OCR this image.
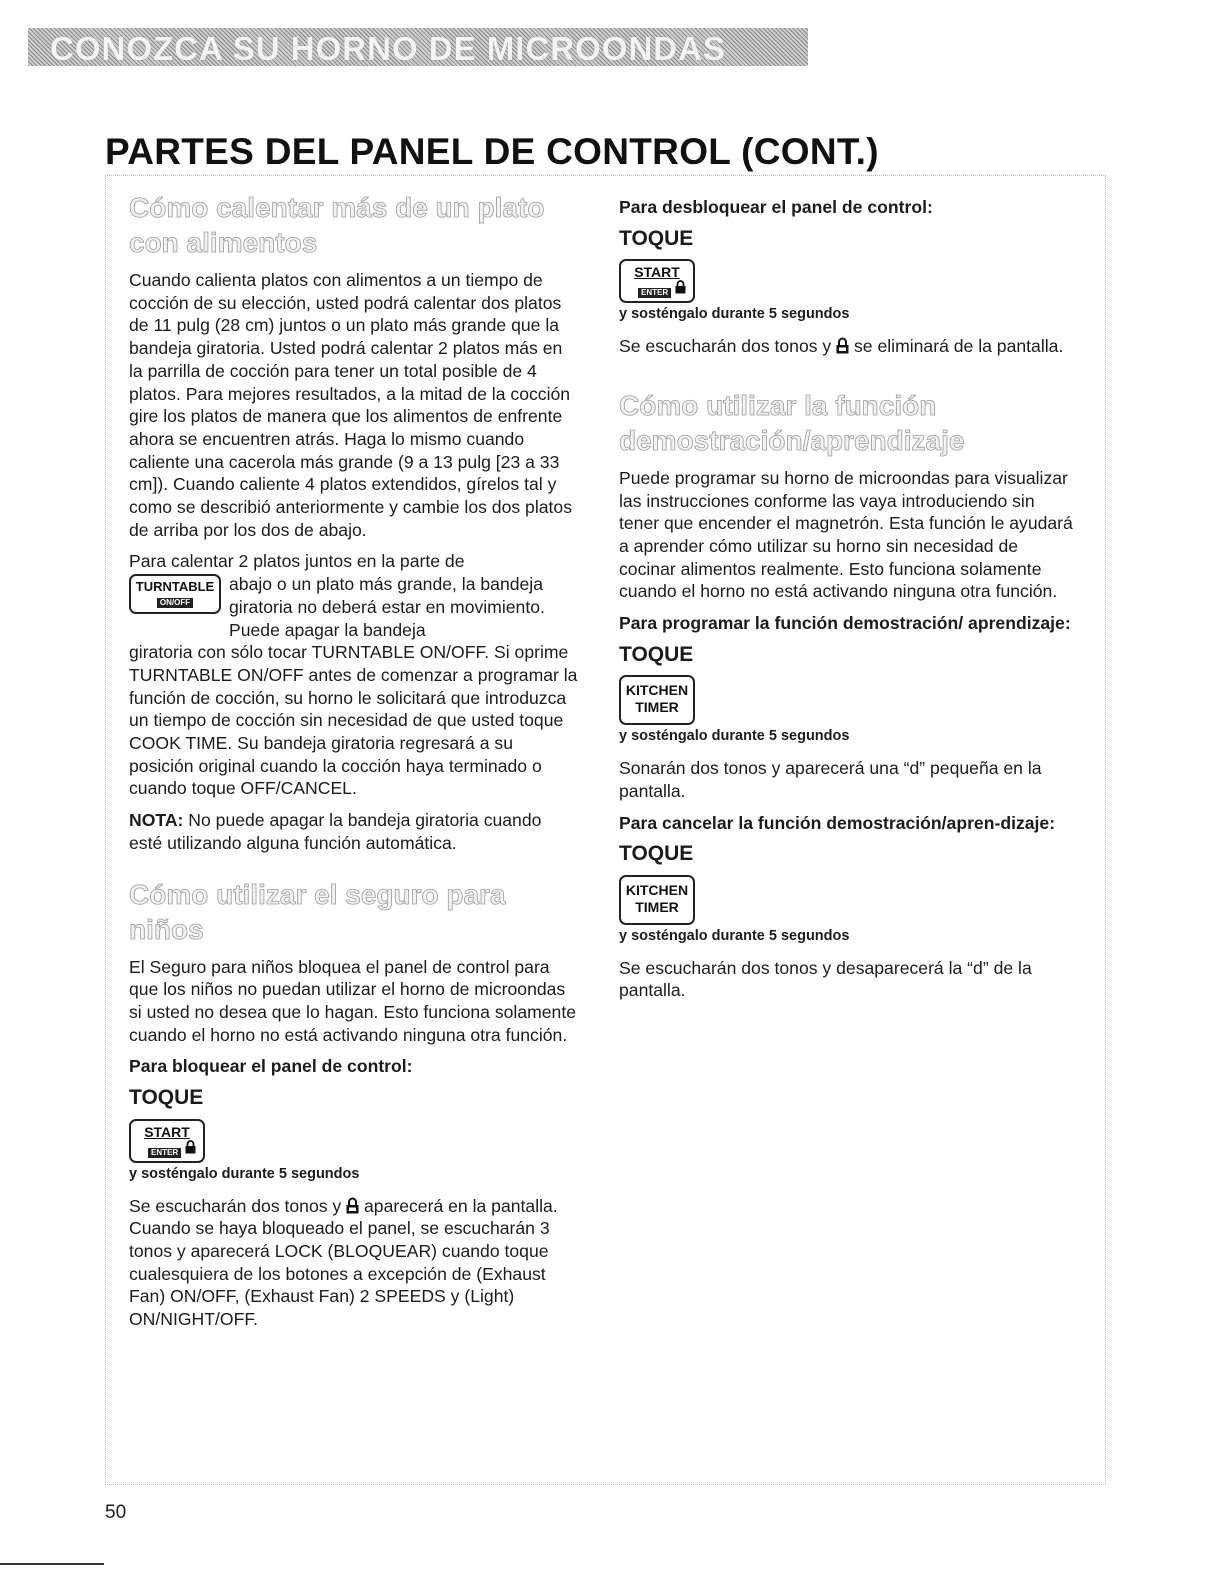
CONOZCA SU HORNO DE MICROONDAS
PARTES DEL PANEL DE CONTROL (CONT.)

Cómo calentar más de un plato con alimentos

Cuando calienta platos con alimentos a un tiempo de cocción de su elección, usted podrá calentar dos platos de 11 pulg (28 cm) juntos o un plato más grande que la bandeja giratoria. Usted podrá calentar 2 platos más en la parrilla de cocción para tener un total posible de 4 platos. Para mejores resultados, a la mitad de la cocción gire los platos de manera que los alimentos de enfrente ahora se encuentren atrás. Haga lo mismo cuando caliente una cacerola más grande (9 a 13 pulg [23 a 33 cm]). Cuando caliente 4 platos extendidos, gírelos tal y como se describió anteriormente y cambie los dos platos de arriba por los dos de abajo.

Para calentar 2 platos juntos en la parte de

TURNTABLE
ON/OFF

abajo o un plato más grande, la bandeja giratoria no deberá estar en movimiento. Puede apagar la bandeja

giratoria con sólo tocar TURNTABLE ON/OFF. Si oprime TURNTABLE ON/OFF antes de comenzar a programar la función de cocción, su horno le solicitará que introduzca un tiempo de cocción sin necesidad de que usted toque COOK TIME. Su bandeja giratoria regresará a su posición original cuando la cocción haya terminado o cuando toque OFF/CANCEL.

NOTA: No puede apagar la bandeja giratoria cuando esté utilizando alguna función automática.

Cómo utilizar el seguro para niños

El Seguro para niños bloquea el panel de control para que los niños no puedan utilizar el horno de microondas si usted no desea que lo hagan. Esto funciona solamente cuando el horno no está activando ninguna otra función.

Para bloquear el panel de control:

TOQUE

START
ENTER

y sosténgalo durante 5 segundos

Se escucharán dos tonos y
aparecerá en la pantalla. Cuando se haya bloqueado el panel, se escucharán 3 tonos y aparecerá LOCK (BLOQUEAR) cuando toque cualesquiera de los botones a excepción de (Exhaust Fan) ON/OFF, (Exhaust Fan) 2 SPEEDS y (Light) ON/NIGHT/OFF.

Para desbloquear el panel de control:

TOQUE

START
ENTER

y sosténgalo durante 5 segundos

Se escucharán dos tonos y
se eliminará de la pantalla.

Cómo utilizar la función demostración/aprendizaje

Puede programar su horno de microondas para visualizar las instrucciones conforme las vaya introduciendo sin tener que encender el magnetrón. Esta función le ayudará a aprender cómo utilizar su horno sin necesidad de cocinar alimentos realmente. Esto funciona solamente cuando el horno no está activando ninguna otra función.

Para programar la función demostración/ aprendizaje:

TOQUE

KITCHEN
TIMER

y sosténgalo durante 5 segundos

Sonarán dos tonos y aparecerá una “d” pequeña en la pantalla.

Para cancelar la función demostración/apren-dizaje:

TOQUE

KITCHEN
TIMER

y sosténgalo durante 5 segundos

Se escucharán dos tonos y desaparecerá la “d” de la pantalla.

50
